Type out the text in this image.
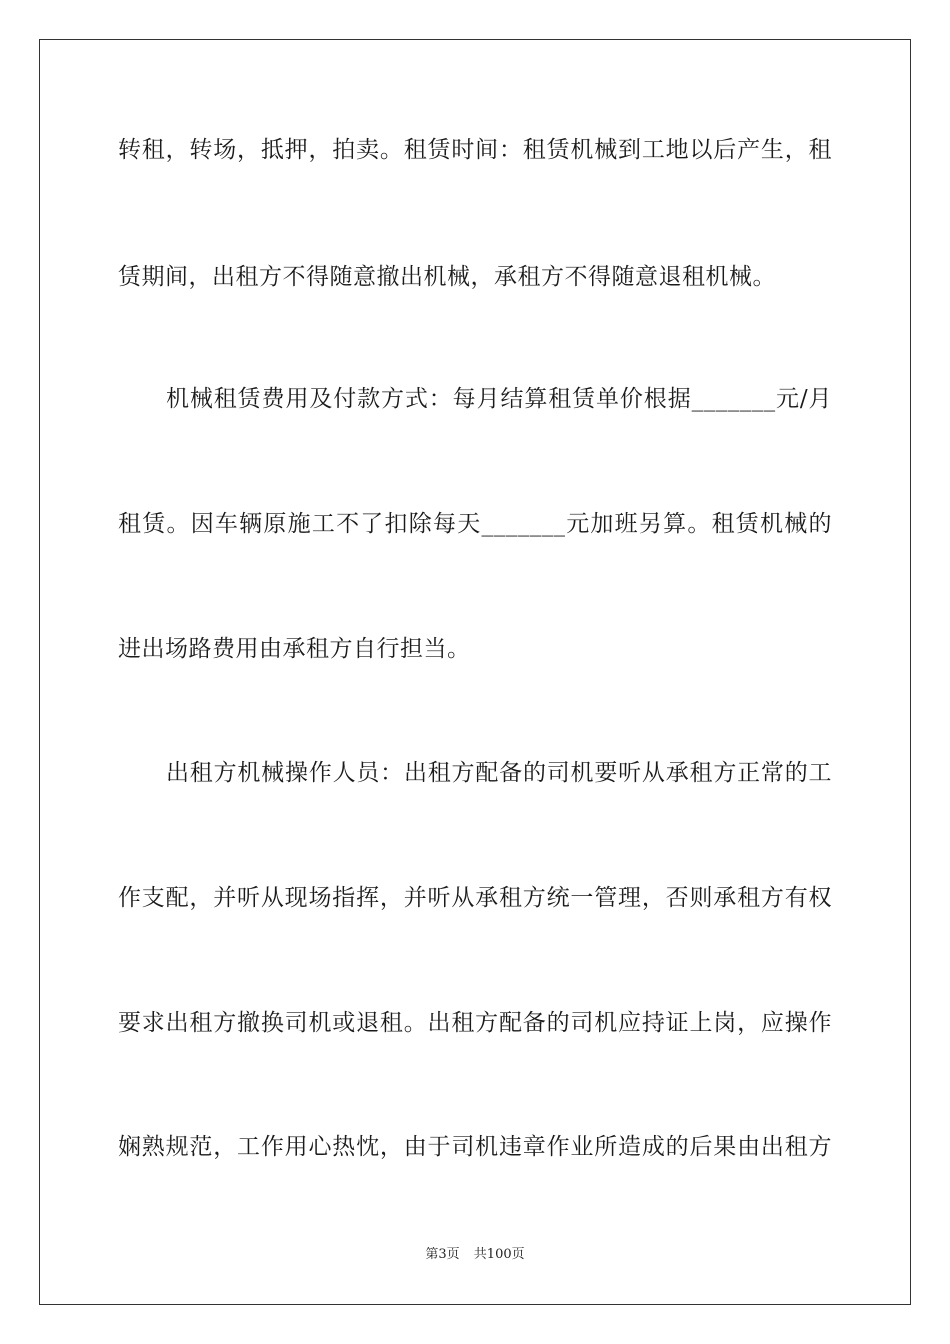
转租，转场，抵押，拍卖。租赁时间：租赁机械到工地以后产生，租
赁期间，出租方不得随意撤出机械，承租方不得随意退租机械。
机械租赁费用及付款方式：每月结算租赁单价根据_______元/月
租赁。因车辆原施工不了扣除每天_______元加班另算。租赁机械的
进出场路费用由承租方自行担当。
出租方机械操作人员：出租方配备的司机要听从承租方正常的工
作支配，并听从现场指挥，并听从承租方统一管理，否则承租方有权
要求出租方撤换司机或退租。出租方配备的司机应持证上岗，应操作
娴熟规范，工作用心热忱，由于司机违章作业所造成的后果由出租方
第3页 共100页
